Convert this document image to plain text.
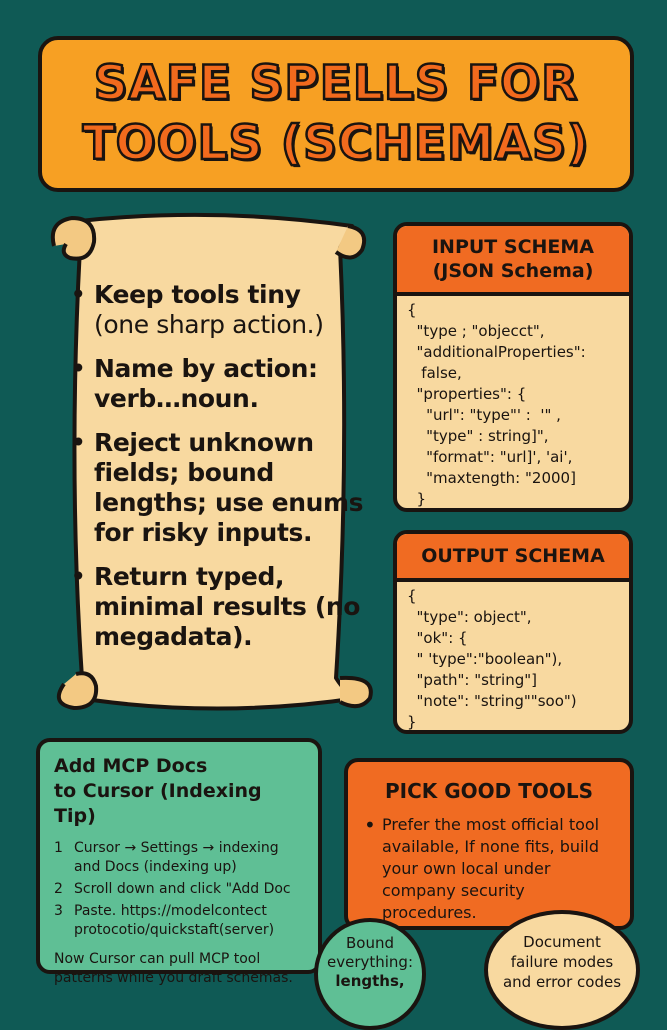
SAFE SPELLS FOR
TOOLS (SCHEMAS)
• Keep tools tiny
(one sharp action.)
• Name by action:
verb…noun.
• Reject unknown fields; bound lengths; use enums for risky inputs.
• Return typed, minimal results (no megadata).
INPUT SCHEMA
(JSON Schema)
{
"type ; "objecct",
"additionalProperties":
false,
"properties": {
"url": "type"' :  '" ,
"type" : string]",
"format": "url]', 'ai',
"maxtength: "2000]
}
OUTPUT SCHEMA
{
"type": object",
"ok": {
" 'type":"boolean"),
"path": "string"]
"note": "string""soo")
}
Add MCP Docs
to Cursor (Indexing Tip)
1 Cursor → Settings → indexing and Docs (indexing up)
2 Scroll down and click "Add Doc
3 Paste. https://modelcontect protocotio/quickstaft(server)
Now Cursor can pull MCP tool patterns while you draft schemas.
PICK GOOD TOOLS
• Prefer the most official tool available, If none fits, build your own local under company security procedures.
Bound
everything:
lengths,
Document
failure modes
and error codes
